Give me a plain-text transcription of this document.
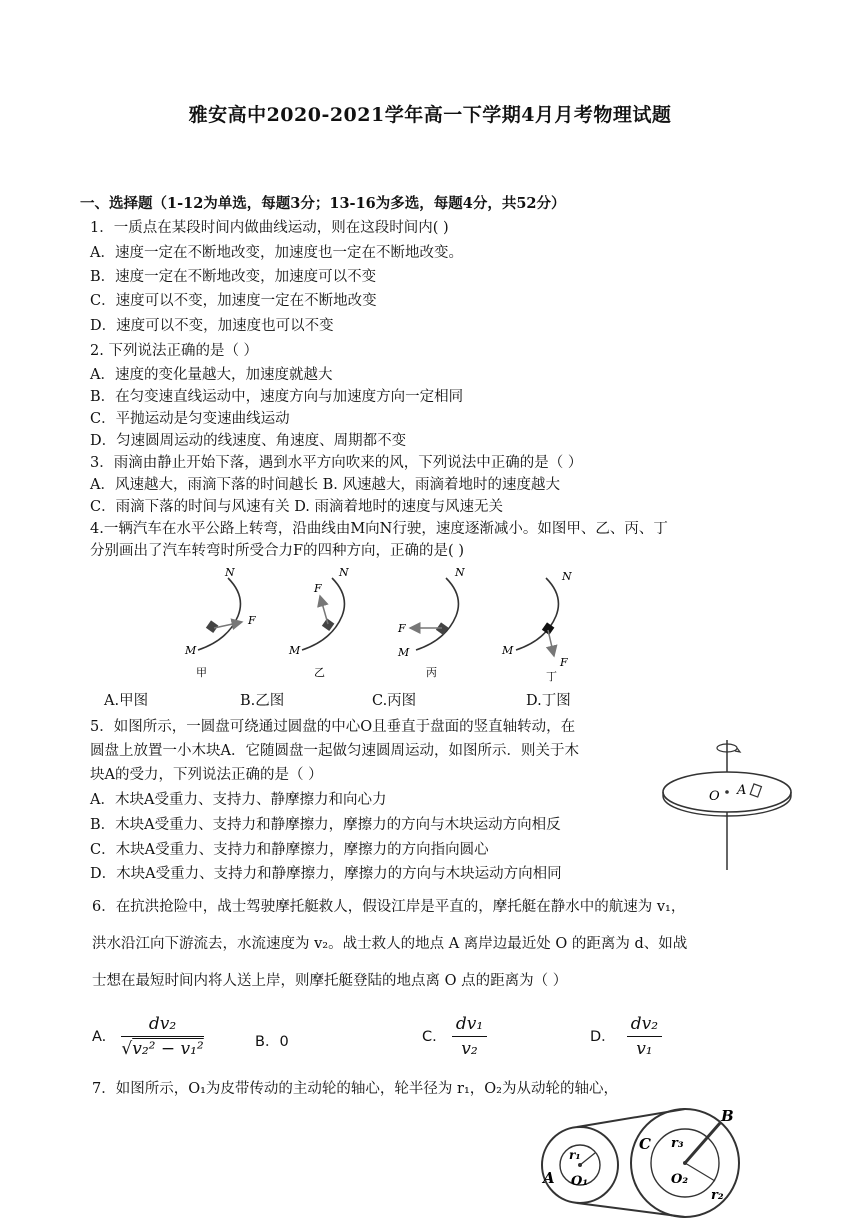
雅安高中2020-2021学年高一下学期4月月考物理试题
一、选择题（1-12为单选，每题3分；13-16为多选，每题4分，共52分）
1．一质点在某段时间内做曲线运动，则在这段时间内( )
A．速度一定在不断地改变，加速度也一定在不断地改变。
B．速度一定在不断地改变，加速度可以不变
C．速度可以不变，加速度一定在不断地改变
D．速度可以不变，加速度也可以不变
2. 下列说法正确的是（ ）
A．速度的变化量越大，加速度就越大
B．在匀变速直线运动中，速度方向与加速度方向一定相同
C．平抛运动是匀变速曲线运动
D．匀速圆周运动的线速度、角速度、周期都不变
3．雨滴由静止开始下落，遇到水平方向吹来的风，下列说法中正确的是（ ）
A．风速越大，雨滴下落的时间越长 B. 风速越大，雨滴着地时的速度越大
C．雨滴下落的时间与风速有关 D. 雨滴着地时的速度与风速无关
4.一辆汽车在水平公路上转弯，沿曲线由M向N行驶，速度逐渐减小。如图甲、乙、丙、丁
分别画出了汽车转弯时所受合力F的四种方向，正确的是( )
F
M
N
甲
F
M
N
乙
F
M
N
丙
F
M
N
丁
A.甲图	B.乙图	C.丙图	D.丁图
5．如图所示，一圆盘可绕通过圆盘的中心O且垂直于盘面的竖直轴转动，在
圆盘上放置一小木块A．它随圆盘一起做匀速圆周运动，如图所示．则关于木
块A的受力，下列说法正确的是（ ）
A．木块A受重力、支持力、静摩擦力和向心力
B．木块A受重力、支持力和静摩擦力，摩擦力的方向与木块运动方向相反
C．木块A受重力、支持力和静摩擦力，摩擦力的方向指向圆心
D．木块A受重力、支持力和静摩擦力，摩擦力的方向与木块运动方向相同
O A
6．在抗洪抢险中，战士驾驶摩托艇救人，假设江岸是平直的，摩托艇在静水中的航速为 v₁，
洪水沿江向下游流去，水流速度为 v₂。战士救人的地点 A 离岸边最近处 O 的距离为 d、如战
士想在最短时间内将人送上岸，则摩托艇登陆的地点离 O 点的距离为（ ）
A. $\frac{\text{dv₂}}{\text{√v₂² − v₁²}}$	B．0	C. $\frac{\text{dv₁}}{\text{v₂}}$	D． $\frac{\text{dv₂}}{\text{v₁}}$
7．如图所示，O₁为皮带传动的主动轮的轴心，轮半径为 r₁，O₂为从动轮的轴心，
A O₁
r₁
C r₃
O₂
r₂
B
